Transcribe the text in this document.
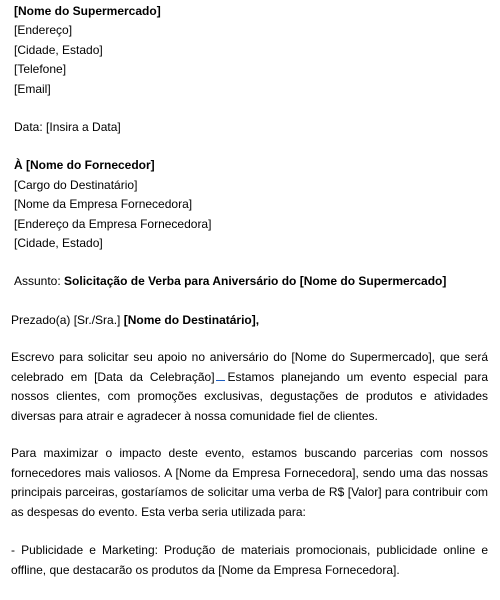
[Nome do Supermercado]
[Endereço]
[Cidade, Estado]
[Telefone]
[Email]
Data: [Insira a Data]
À [Nome do Fornecedor]
[Cargo do Destinatário]
[Nome da Empresa Fornecedora]
[Endereço da Empresa Fornecedora]
[Cidade, Estado]
Assunto: Solicitação de Verba para Aniversário do [Nome do Supermercado]
Prezado(a) [Sr./Sra.] [Nome do Destinatário],
Escrevo para solicitar seu apoio no aniversário do [Nome do Supermercado], que será celebrado em [Data da Celebração] Estamos planejando um evento especial para nossos clientes, com promoções exclusivas, degustações de produtos e atividades diversas para atrair e agradecer à nossa comunidade fiel de clientes.
Para maximizar o impacto deste evento, estamos buscando parcerias com nossos fornecedores mais valiosos. A [Nome da Empresa Fornecedora], sendo uma das nossas principais parceiras, gostaríamos de solicitar uma verba de R$ [Valor] para contribuir com as despesas do evento. Esta verba seria utilizada para:
- Publicidade e Marketing: Produção de materiais promocionais, publicidade online e offline, que destacarão os produtos da [Nome da Empresa Fornecedora].
